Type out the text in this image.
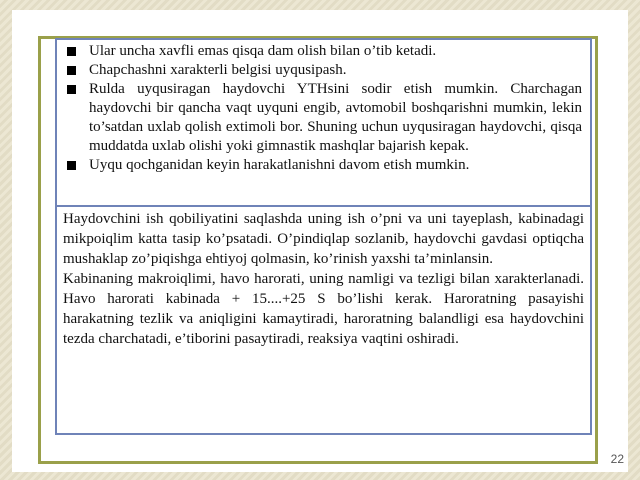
Ular uncha xavfli emas qisqa dam olish bilan o’tib ketadi.
Chapchashni xarakterli belgisi uyqusipash.
Rulda uyqusiragan haydovchi YTHsini sodir etish mumkin. Charchagan haydovchi bir qancha vaqt uyquni engib, avtomobil boshqarishni mumkin, lekin to’satdan uxlab qolish extimoli bor. Shuning uchun uyqusiragan haydovchi, qisqa muddatda uxlab olishi yoki gimnastik mashqlar bajarish kepak.
Uyqu qochganidan keyin harakatlanishni davom etish mumkin.

Haydovchini ish qobiliyatini saqlashda uning ish o’pni va uni tayeplash, kabinadagi mikpoiqlim katta tasip ko’psatadi. O’pindiqlap sozlanib, haydovchi gavdasi optiqcha mushaklap zo’piqishga ehtiyoj qolmasin, ko’rinish yaxshi ta’minlansin.

Kabinaning makroiqlimi, havo harorati, uning namligi va tezligi bilan xarakterlanadi. Havo harorati kabinada + 15....+25 S bo’lishi kerak. Haroratning pasayishi harakatning tezlik va aniqligini kamaytiradi, haroratning balandligi esa haydovchini tezda charchatadi, e’tiborini pasaytiradi, reaksiya vaqtini oshiradi.

22
